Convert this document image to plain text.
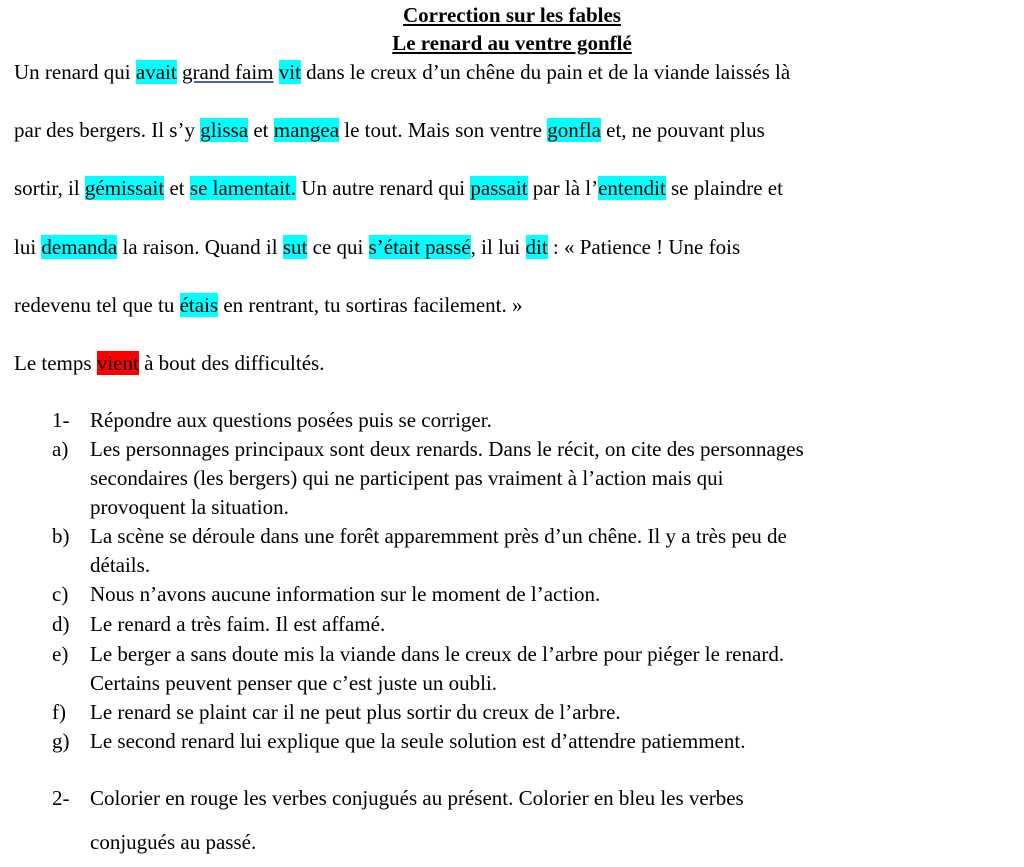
Correction sur les fables
Le renard au ventre gonflé
Un renard qui avait grand faim vit dans le creux d’un chêne du pain et de la viande laissés là
par des bergers. Il s’y glissa et mangea le tout. Mais son ventre gonfla et, ne pouvant plus
sortir, il gémissait et se lamentait. Un autre renard qui passait par là l’entendit se plaindre et
lui demanda la raison. Quand il sut ce qui s’était passé, il lui dit : « Patience ! Une fois
redevenu tel que tu étais en rentrant, tu sortiras facilement. »
Le temps vient à bout des difficultés.
1- Répondre aux questions posées puis se corriger.
a) Les personnages principaux sont deux renards. Dans le récit, on cite des personnages
secondaires (les bergers) qui ne participent pas vraiment à l’action mais qui
provoquent la situation.
b) La scène se déroule dans une forêt apparemment près d’un chêne. Il y a très peu de
détails.
c) Nous n’avons aucune information sur le moment de l’action.
d) Le renard a très faim. Il est affamé.
e) Le berger a sans doute mis la viande dans le creux de l’arbre pour piéger le renard.
Certains peuvent penser que c’est juste un oubli.
f) Le renard se plaint car il ne peut plus sortir du creux de l’arbre.
g) Le second renard lui explique que la seule solution est d’attendre patiemment.
2- Colorier en rouge les verbes conjugués au présent. Colorier en bleu les verbes
conjugués au passé.
